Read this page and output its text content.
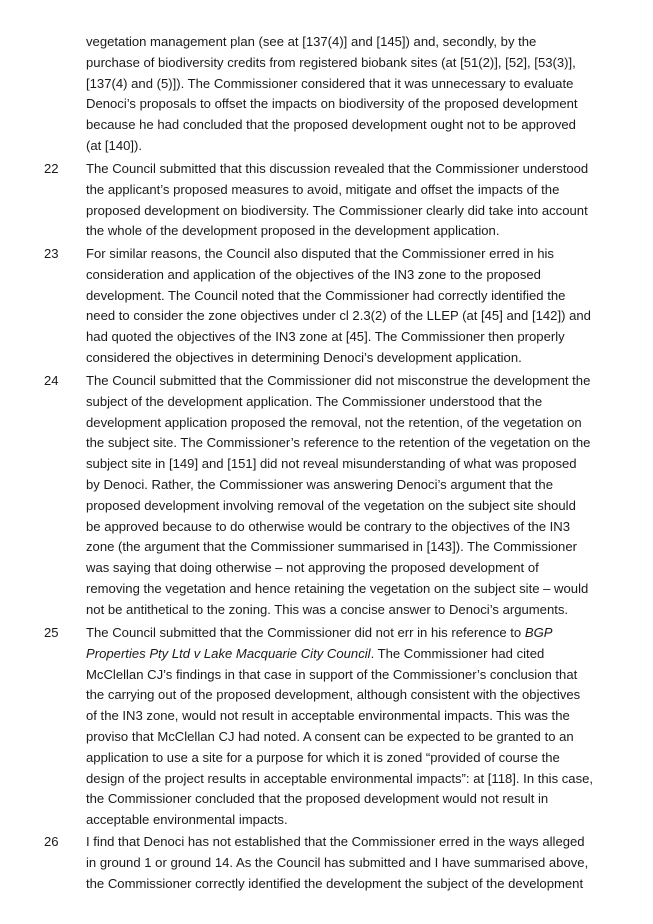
vegetation management plan (see at [137(4)] and [145]) and, secondly, by the
purchase of biodiversity credits from registered biobank sites (at [51(2)], [52], [53(3)],
[137(4) and (5)]). The Commissioner considered that it was unnecessary to evaluate
Denoci’s proposals to offset the impacts on biodiversity of the proposed development
because he had concluded that the proposed development ought not to be approved
(at [140]).
22 The Council submitted that this discussion revealed that the Commissioner understood
the applicant’s proposed measures to avoid, mitigate and offset the impacts of the
proposed development on biodiversity. The Commissioner clearly did take into account
the whole of the development proposed in the development application.
23 For similar reasons, the Council also disputed that the Commissioner erred in his
consideration and application of the objectives of the IN3 zone to the proposed
development. The Council noted that the Commissioner had correctly identified the
need to consider the zone objectives under cl 2.3(2) of the LLEP (at [45] and [142]) and
had quoted the objectives of the IN3 zone at [45]. The Commissioner then properly
considered the objectives in determining Denoci’s development application.
24 The Council submitted that the Commissioner did not misconstrue the development the
subject of the development application. The Commissioner understood that the
development application proposed the removal, not the retention, of the vegetation on
the subject site. The Commissioner’s reference to the retention of the vegetation on the
subject site in [149] and [151] did not reveal misunderstanding of what was proposed
by Denoci. Rather, the Commissioner was answering Denoci’s argument that the
proposed development involving removal of the vegetation on the subject site should
be approved because to do otherwise would be contrary to the objectives of the IN3
zone (the argument that the Commissioner summarised in [143]). The Commissioner
was saying that doing otherwise – not approving the proposed development of
removing the vegetation and hence retaining the vegetation on the subject site – would
not be antithetical to the zoning. This was a concise answer to Denoci’s arguments.
25 The Council submitted that the Commissioner did not err in his reference to BGP
Properties Pty Ltd v Lake Macquarie City Council. The Commissioner had cited
McClellan CJ’s findings in that case in support of the Commissioner’s conclusion that
the carrying out of the proposed development, although consistent with the objectives
of the IN3 zone, would not result in acceptable environmental impacts. This was the
proviso that McClellan CJ had noted. A consent can be expected to be granted to an
application to use a site for a purpose for which it is zoned “provided of course the
design of the project results in acceptable environmental impacts”: at [118]. In this case,
the Commissioner concluded that the proposed development would not result in
acceptable environmental impacts.
26 I find that Denoci has not established that the Commissioner erred in the ways alleged
in ground 1 or ground 14. As the Council has submitted and I have summarised above,
the Commissioner correctly identified the development the subject of the development
